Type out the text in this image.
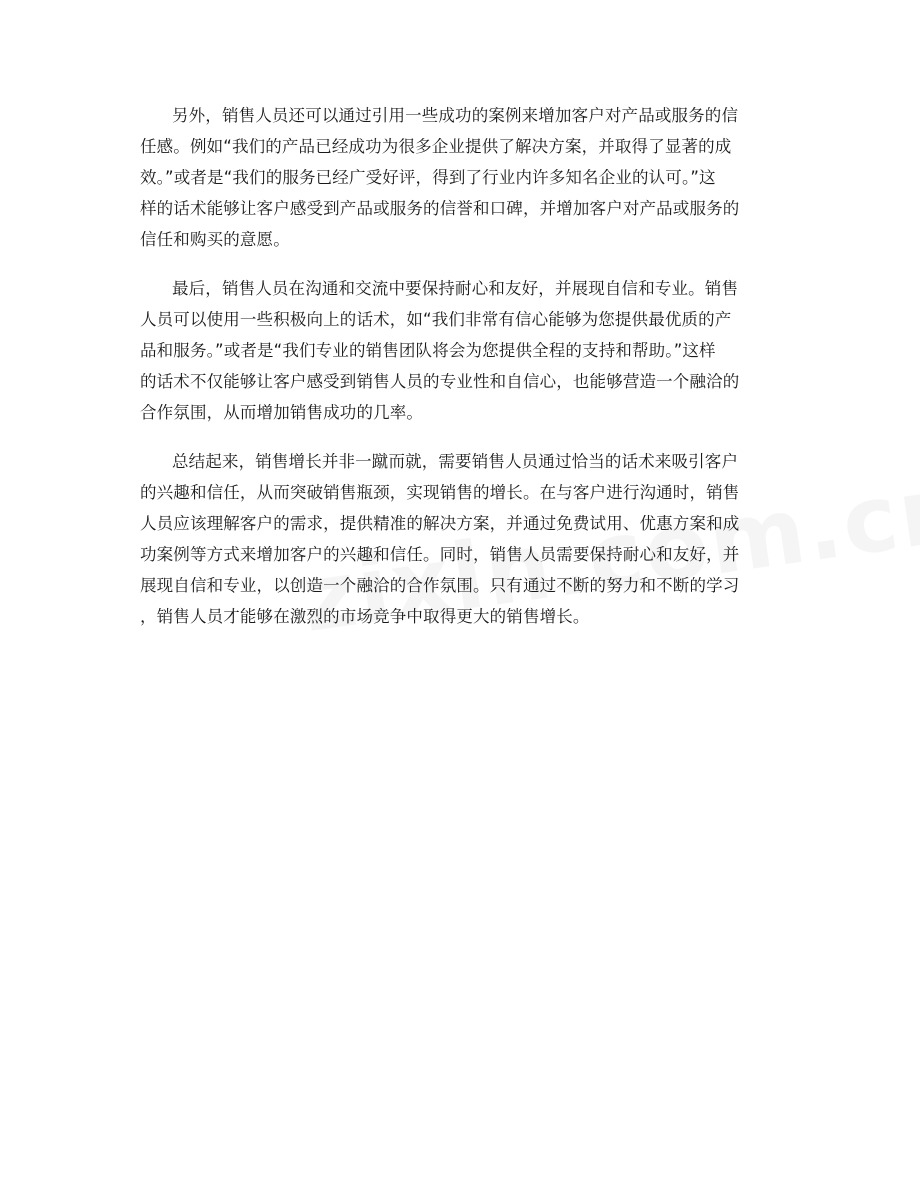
另外，销售人员还可以通过引用一些成功的案例来增加客户对产品或服务的信
任感。例如“我们的产品已经成功为很多企业提供了解决方案，并取得了显著的成
效。”或者是“我们的服务已经广受好评，得到了行业内许多知名企业的认可。”这
样的话术能够让客户感受到产品或服务的信誉和口碑，并增加客户对产品或服务的
信任和购买的意愿。
最后，销售人员在沟通和交流中要保持耐心和友好，并展现自信和专业。销售
人员可以使用一些积极向上的话术，如“我们非常有信心能够为您提供最优质的产
品和服务。”或者是“我们专业的销售团队将会为您提供全程的支持和帮助。”这样
的话术不仅能够让客户感受到销售人员的专业性和自信心，也能够营造一个融洽的
合作氛围，从而增加销售成功的几率。
总结起来，销售增长并非一蹴而就，需要销售人员通过恰当的话术来吸引客户
的兴趣和信任，从而突破销售瓶颈，实现销售的增长。在与客户进行沟通时，销售
人员应该理解客户的需求，提供精准的解决方案，并通过免费试用、优惠方案和成
功案例等方式来增加客户的兴趣和信任。同时，销售人员需要保持耐心和友好，并
展现自信和专业，以创造一个融洽的合作氛围。只有通过不断的努力和不断的学习
，销售人员才能够在激烈的市场竞争中取得更大的销售增长。
